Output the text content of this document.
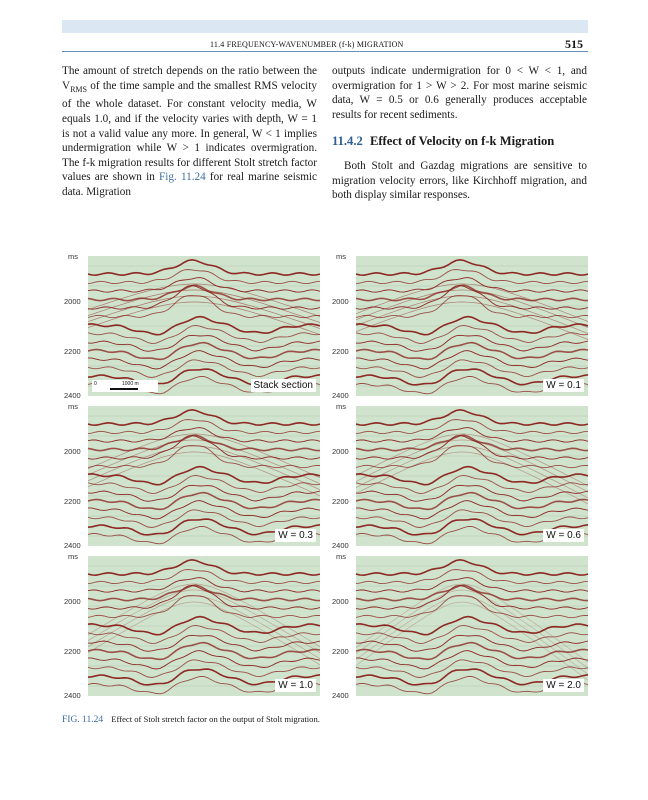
11.4 FREQUENCY-WAVENUMBER (f-k) MIGRATION	515

The amount of stretch depends on the ratio between the $V_{RMS}$ of the time sample and the smallest RMS velocity of the whole dataset. For constant velocity media, W equals 1.0, and if the velocity varies with depth, W = 1 is not a valid value any more. In general, W < 1 implies undermigration while W > 1 indicates overmigration. The f-k migration results for different Stolt stretch factor values are shown in Fig. 11.24 for real marine seismic data. Migration

outputs indicate undermigration for 0 < W < 1, and overmigration for 1 > W > 2. For most marine seismic data, W = 0.5 or 0.6 generally produces acceptable results for recent sediments.

11.4.2 Effect of Velocity on f-k Migration

Both Stolt and Gazdag migrations are sensitive to migration velocity errors, like Kirchhoff migration, and both display similar responses.

ms
2000
2200
2400
Stack section
0	1000 m
ms
2000
2200
2400
W = 0.1
ms
2000
2200
2400
W = 0.3
ms
2000
2200
2400
W = 0.6
ms
2000
2200
2400
W = 1.0
ms
2000
2200
2400
W = 2.0
FIG. 11.24 Effect of Stolt stretch factor on the output of Stolt migration.
